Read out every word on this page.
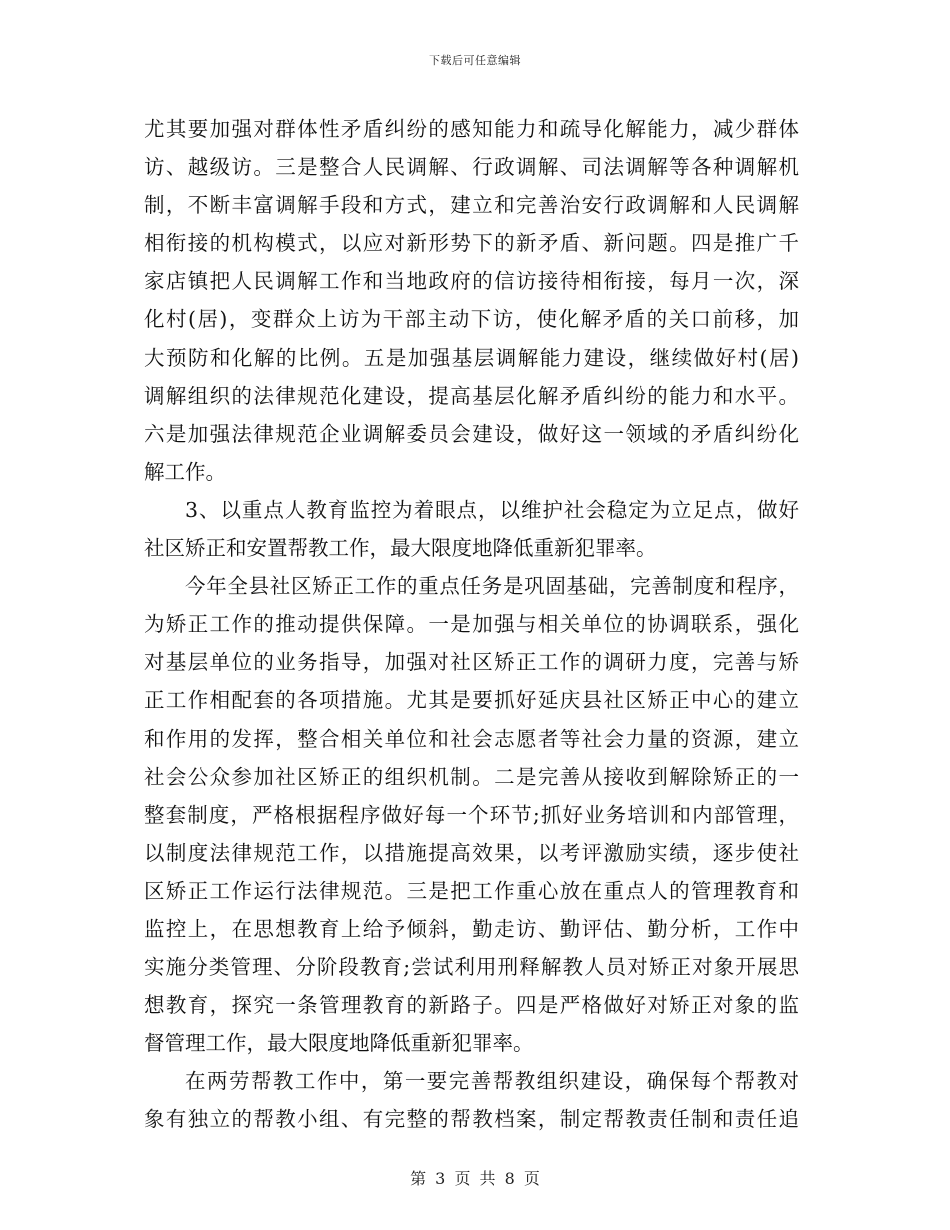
下载后可任意编辑
尤其要加强对群体性矛盾纠纷的感知能力和疏导化解能力，减少群体
访、越级访。三是整合人民调解、行政调解、司法调解等各种调解机
制，不断丰富调解手段和方式，建立和完善治安行政调解和人民调解
相衔接的机构模式，以应对新形势下的新矛盾、新问题。四是推广千
家店镇把人民调解工作和当地政府的信访接待相衔接，每月一次，深
化村(居)，变群众上访为干部主动下访，使化解矛盾的关口前移，加
大预防和化解的比例。五是加强基层调解能力建设，继续做好村(居)
调解组织的法律规范化建设，提高基层化解矛盾纠纷的能力和水平。
六是加强法律规范企业调解委员会建设，做好这一领域的矛盾纠纷化
解工作。
3、以重点人教育监控为着眼点，以维护社会稳定为立足点，做好
社区矫正和安置帮教工作，最大限度地降低重新犯罪率。
今年全县社区矫正工作的重点任务是巩固基础，完善制度和程序，
为矫正工作的推动提供保障。一是加强与相关单位的协调联系，强化
对基层单位的业务指导，加强对社区矫正工作的调研力度，完善与矫
正工作相配套的各项措施。尤其是要抓好延庆县社区矫正中心的建立
和作用的发挥，整合相关单位和社会志愿者等社会力量的资源，建立
社会公众参加社区矫正的组织机制。二是完善从接收到解除矫正的一
整套制度，严格根据程序做好每一个环节;抓好业务培训和内部管理，
以制度法律规范工作，以措施提高效果，以考评激励实绩，逐步使社
区矫正工作运行法律规范。三是把工作重心放在重点人的管理教育和
监控上，在思想教育上给予倾斜，勤走访、勤评估、勤分析，工作中
实施分类管理、分阶段教育;尝试利用刑释解教人员对矫正对象开展思
想教育，探究一条管理教育的新路子。四是严格做好对矫正对象的监
督管理工作，最大限度地降低重新犯罪率。
在两劳帮教工作中，第一要完善帮教组织建设，确保每个帮教对
象有独立的帮教小组、有完整的帮教档案，制定帮教责任制和责任追
第 3 页 共 8 页
